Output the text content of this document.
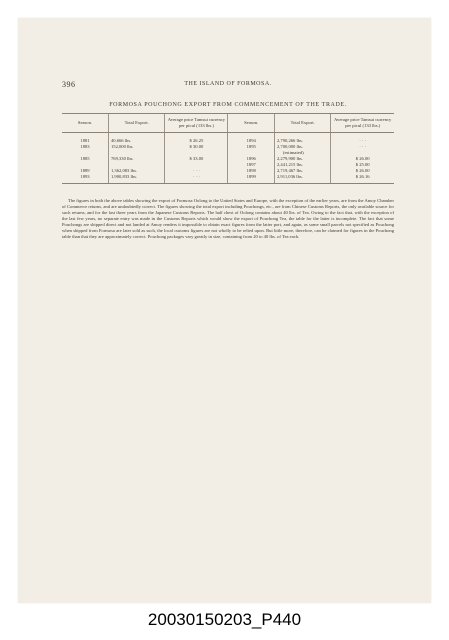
396	THE ISLAND OF FORMOSA.
FORMOSA POUCHONG EXPORT FROM COMMENCEMENT OF THE TRADE.
Season.	Total Export.	Average price Tamsui currency per picul (133 lbs.)	Season.	Total Export.	Average price Tamsui currency per picul (133 lbs.)
1881	40,666 lbs.	$ 26.25	1894	2,790,266 lbs.	· · ·
1883	152,000 lbs.	$ 30.00	1895	2,700,000 lbs.	· · ·
				(estimated)	
1885	769,330 lbs.	$ 33.00	1896	2,279,900 lbs.	$ 26.00
			1897	2,441,215 lbs.	$ 25.00
1889	1,362,083 lbs.	· · ·	1898	2,719,467 lbs.	$ 26.00
1893	1,900,833 lbs.	· · ·	1899	2,911,036 lbs.	$ 26.16

The figures in both the above tables showing the export of Formosa Oolong to the United States and Europe, with the exception of the earlier years, are from the Amoy Chamber of Commerce returns, and are undoubtedly correct. The figures showing the total export including Pouchongs, etc., are from Chinese Customs Reports, the only available source for such returns, and for the last three years from the Japanese Customs Reports. The half chest of Oolong contains about 40 lbs. of Tea. Owing to the fact that, with the exception of the last few years, no separate entry was made in the Customs Reports which would show the export of Pouchong Tea, the table for the latter is incomplete. The fact that some Pouchongs are shipped direct and not landed at Amoy renders it impossible to obtain exact figures from the latter port, and again, as some small parcels not specified as Pouchong when shipped from Formosa are later sold as such, the local customs figures are not wholly to be relied upon. But little more, therefore, can be claimed for figures in the Pouchong table than that they are approximately correct. Pouchong packages vary greatly in size, containing from 20 to 40 lbs. of Tea each.

20030150203_P440
